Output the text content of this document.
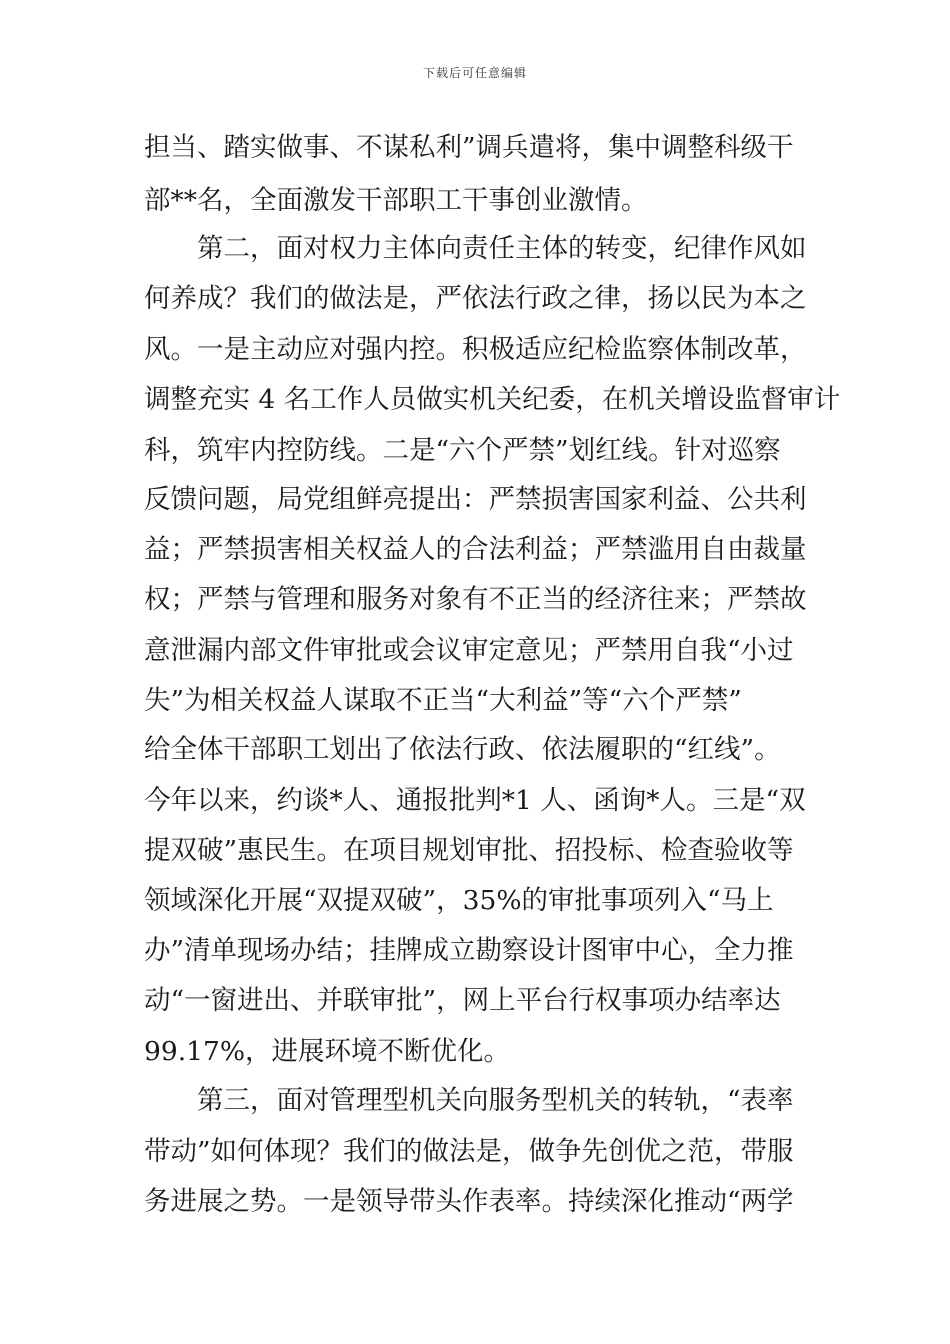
下载后可任意编辑
担当、踏实做事、不谋私利”调兵遣将，集中调整科级干
部**名，全面激发干部职工干事创业激情。
　　第二，面对权力主体向责任主体的转变，纪律作风如
何养成？我们的做法是，严依法行政之律，扬以民为本之
风。一是主动应对强内控。积极适应纪检监察体制改革，
调整充实 4 名工作人员做实机关纪委，在机关增设监督审计
科，筑牢内控防线。二是“六个严禁”划红线。针对巡察
反馈问题，局党组鲜亮提出：严禁损害国家利益、公共利
益；严禁损害相关权益人的合法利益；严禁滥用自由裁量
权；严禁与管理和服务对象有不正当的经济往来；严禁故
意泄漏内部文件审批或会议审定意见；严禁用自我“小过
失”为相关权益人谋取不正当“大利益”等“六个严禁”
给全体干部职工划出了依法行政、依法履职的“红线”。
今年以来，约谈*人、通报批判*1 人、函询*人。三是“双
提双破”惠民生。在项目规划审批、招投标、检查验收等
领域深化开展“双提双破”，35%的审批事项列入“马上
办”清单现场办结；挂牌成立勘察设计图审中心，全力推
动“一窗进出、并联审批”，网上平台行权事项办结率达
99.17%，进展环境不断优化。
　　第三，面对管理型机关向服务型机关的转轨，“表率
带动”如何体现？我们的做法是，做争先创优之范，带服
务进展之势。一是领导带头作表率。持续深化推动“两学
